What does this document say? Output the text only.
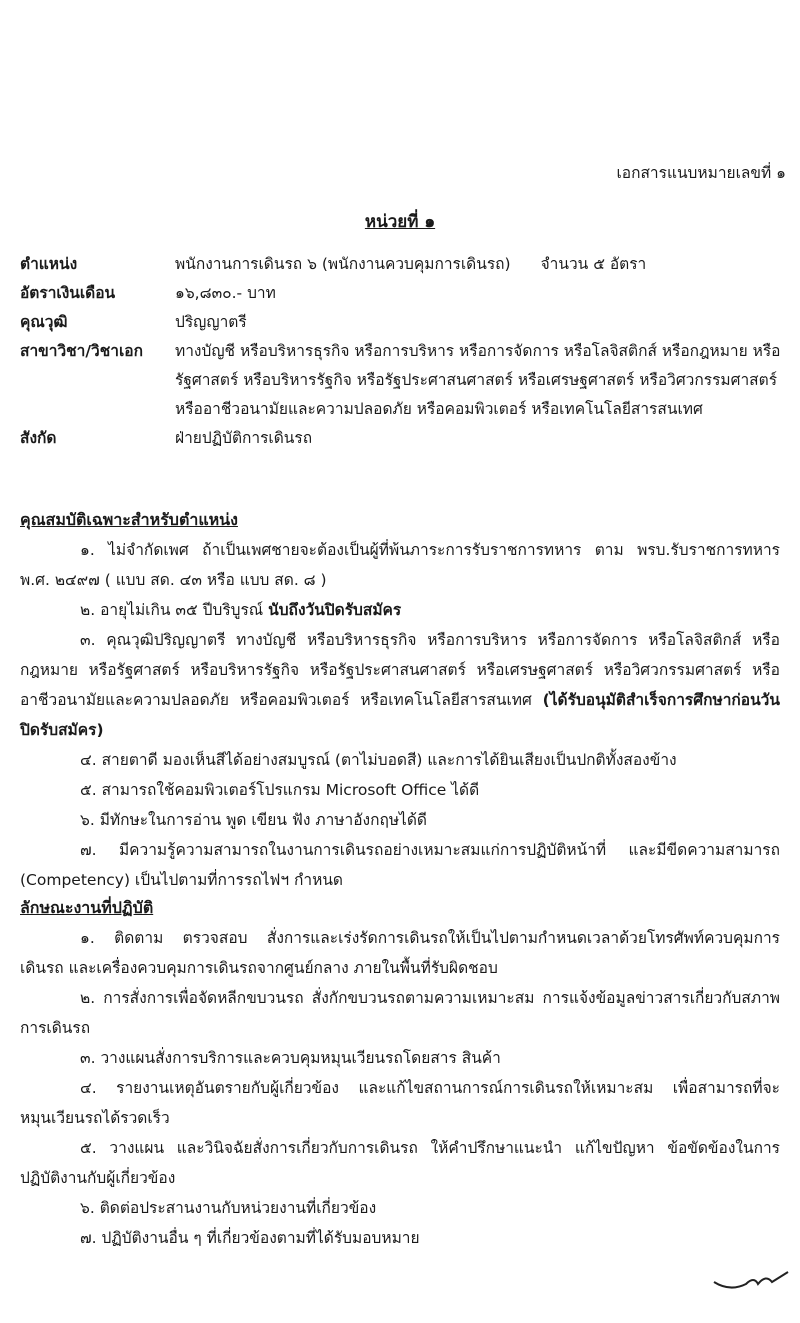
เอกสารแนบหมายเลขที่ ๑
หน่วยที่ ๑
ตำแหน่ง	พนักงานการเดินรถ ๖ (พนักงานควบคุมการเดินรถ) จำนวน ๕ อัตรา
อัตราเงินเดือน	๑๖,๘๓๐.- บาท
คุณวุฒิ	ปริญญาตรี
สาขาวิชา/วิชาเอก	ทางบัญชี หรือบริหารธุรกิจ หรือการบริหาร หรือการจัดการ หรือโลจิสติกส์ หรือกฎหมาย หรือรัฐศาสตร์ หรือบริหารรัฐกิจ หรือรัฐประศาสนศาสตร์ หรือเศรษฐศาสตร์ หรือวิศวกรรมศาสตร์ หรืออาชีวอนามัยและความปลอดภัย หรือคอมพิวเตอร์ หรือเทคโนโลยีสารสนเทศ
สังกัด	ฝ่ายปฏิบัติการเดินรถ
คุณสมบัติเฉพาะสำหรับตำแหน่ง

๑. ไม่จำกัดเพศ ถ้าเป็นเพศชายจะต้องเป็นผู้ที่พ้นภาระการรับราชการทหาร ตาม พรบ.รับราชการทหาร พ.ศ. ๒๔๙๗ ( แบบ สด. ๔๓ หรือ แบบ สด. ๘ )

๒. อายุไม่เกิน ๓๕ ปีบริบูรณ์ นับถึงวันปิดรับสมัคร

๓. คุณวุฒิปริญญาตรี ทางบัญชี หรือบริหารธุรกิจ หรือการบริหาร หรือการจัดการ หรือโลจิสติกส์ หรือกฎหมาย หรือรัฐศาสตร์ หรือบริหารรัฐกิจ หรือรัฐประศาสนศาสตร์ หรือเศรษฐศาสตร์ หรือวิศวกรรมศาสตร์ หรืออาชีวอนามัยและความปลอดภัย หรือคอมพิวเตอร์ หรือเทคโนโลยีสารสนเทศ (ได้รับอนุมัติสำเร็จการศึกษาก่อนวันปิดรับสมัคร)

๔. สายตาดี มองเห็นสีได้อย่างสมบูรณ์ (ตาไม่บอดสี) และการได้ยินเสียงเป็นปกติทั้งสองข้าง

๕. สามารถใช้คอมพิวเตอร์โปรแกรม Microsoft Office ได้ดี

๖. มีทักษะในการอ่าน พูด เขียน ฟัง ภาษาอังกฤษได้ดี

๗. มีความรู้ความสามารถในงานการเดินรถอย่างเหมาะสมแก่การปฏิบัติหน้าที่ และมีขีดความสามารถ (Competency) เป็นไปตามที่การรถไฟฯ กำหนด

ลักษณะงานที่ปฏิบัติ

๑. ติดตาม ตรวจสอบ สั่งการและเร่งรัดการเดินรถให้เป็นไปตามกำหนดเวลาด้วยโทรศัพท์ควบคุมการเดินรถ และเครื่องควบคุมการเดินรถจากศูนย์กลาง ภายในพื้นที่รับผิดชอบ

๒. การสั่งการเพื่อจัดหลีกขบวนรถ สั่งกักขบวนรถตามความเหมาะสม การแจ้งข้อมูลข่าวสารเกี่ยวกับสภาพการเดินรถ

๓. วางแผนสั่งการบริการและควบคุมหมุนเวียนรถโดยสาร สินค้า

๔. รายงานเหตุอันตรายกับผู้เกี่ยวข้อง และแก้ไขสถานการณ์การเดินรถให้เหมาะสม เพื่อสามารถที่จะหมุนเวียนรถได้รวดเร็ว

๕. วางแผน และวินิจฉัยสั่งการเกี่ยวกับการเดินรถ ให้คำปรึกษาแนะนำ แก้ไขปัญหา ข้อขัดข้องในการปฏิบัติงานกับผู้เกี่ยวข้อง

๖. ติดต่อประสานงานกับหน่วยงานที่เกี่ยวข้อง

๗. ปฏิบัติงานอื่น ๆ ที่เกี่ยวข้องตามที่ได้รับมอบหมาย
